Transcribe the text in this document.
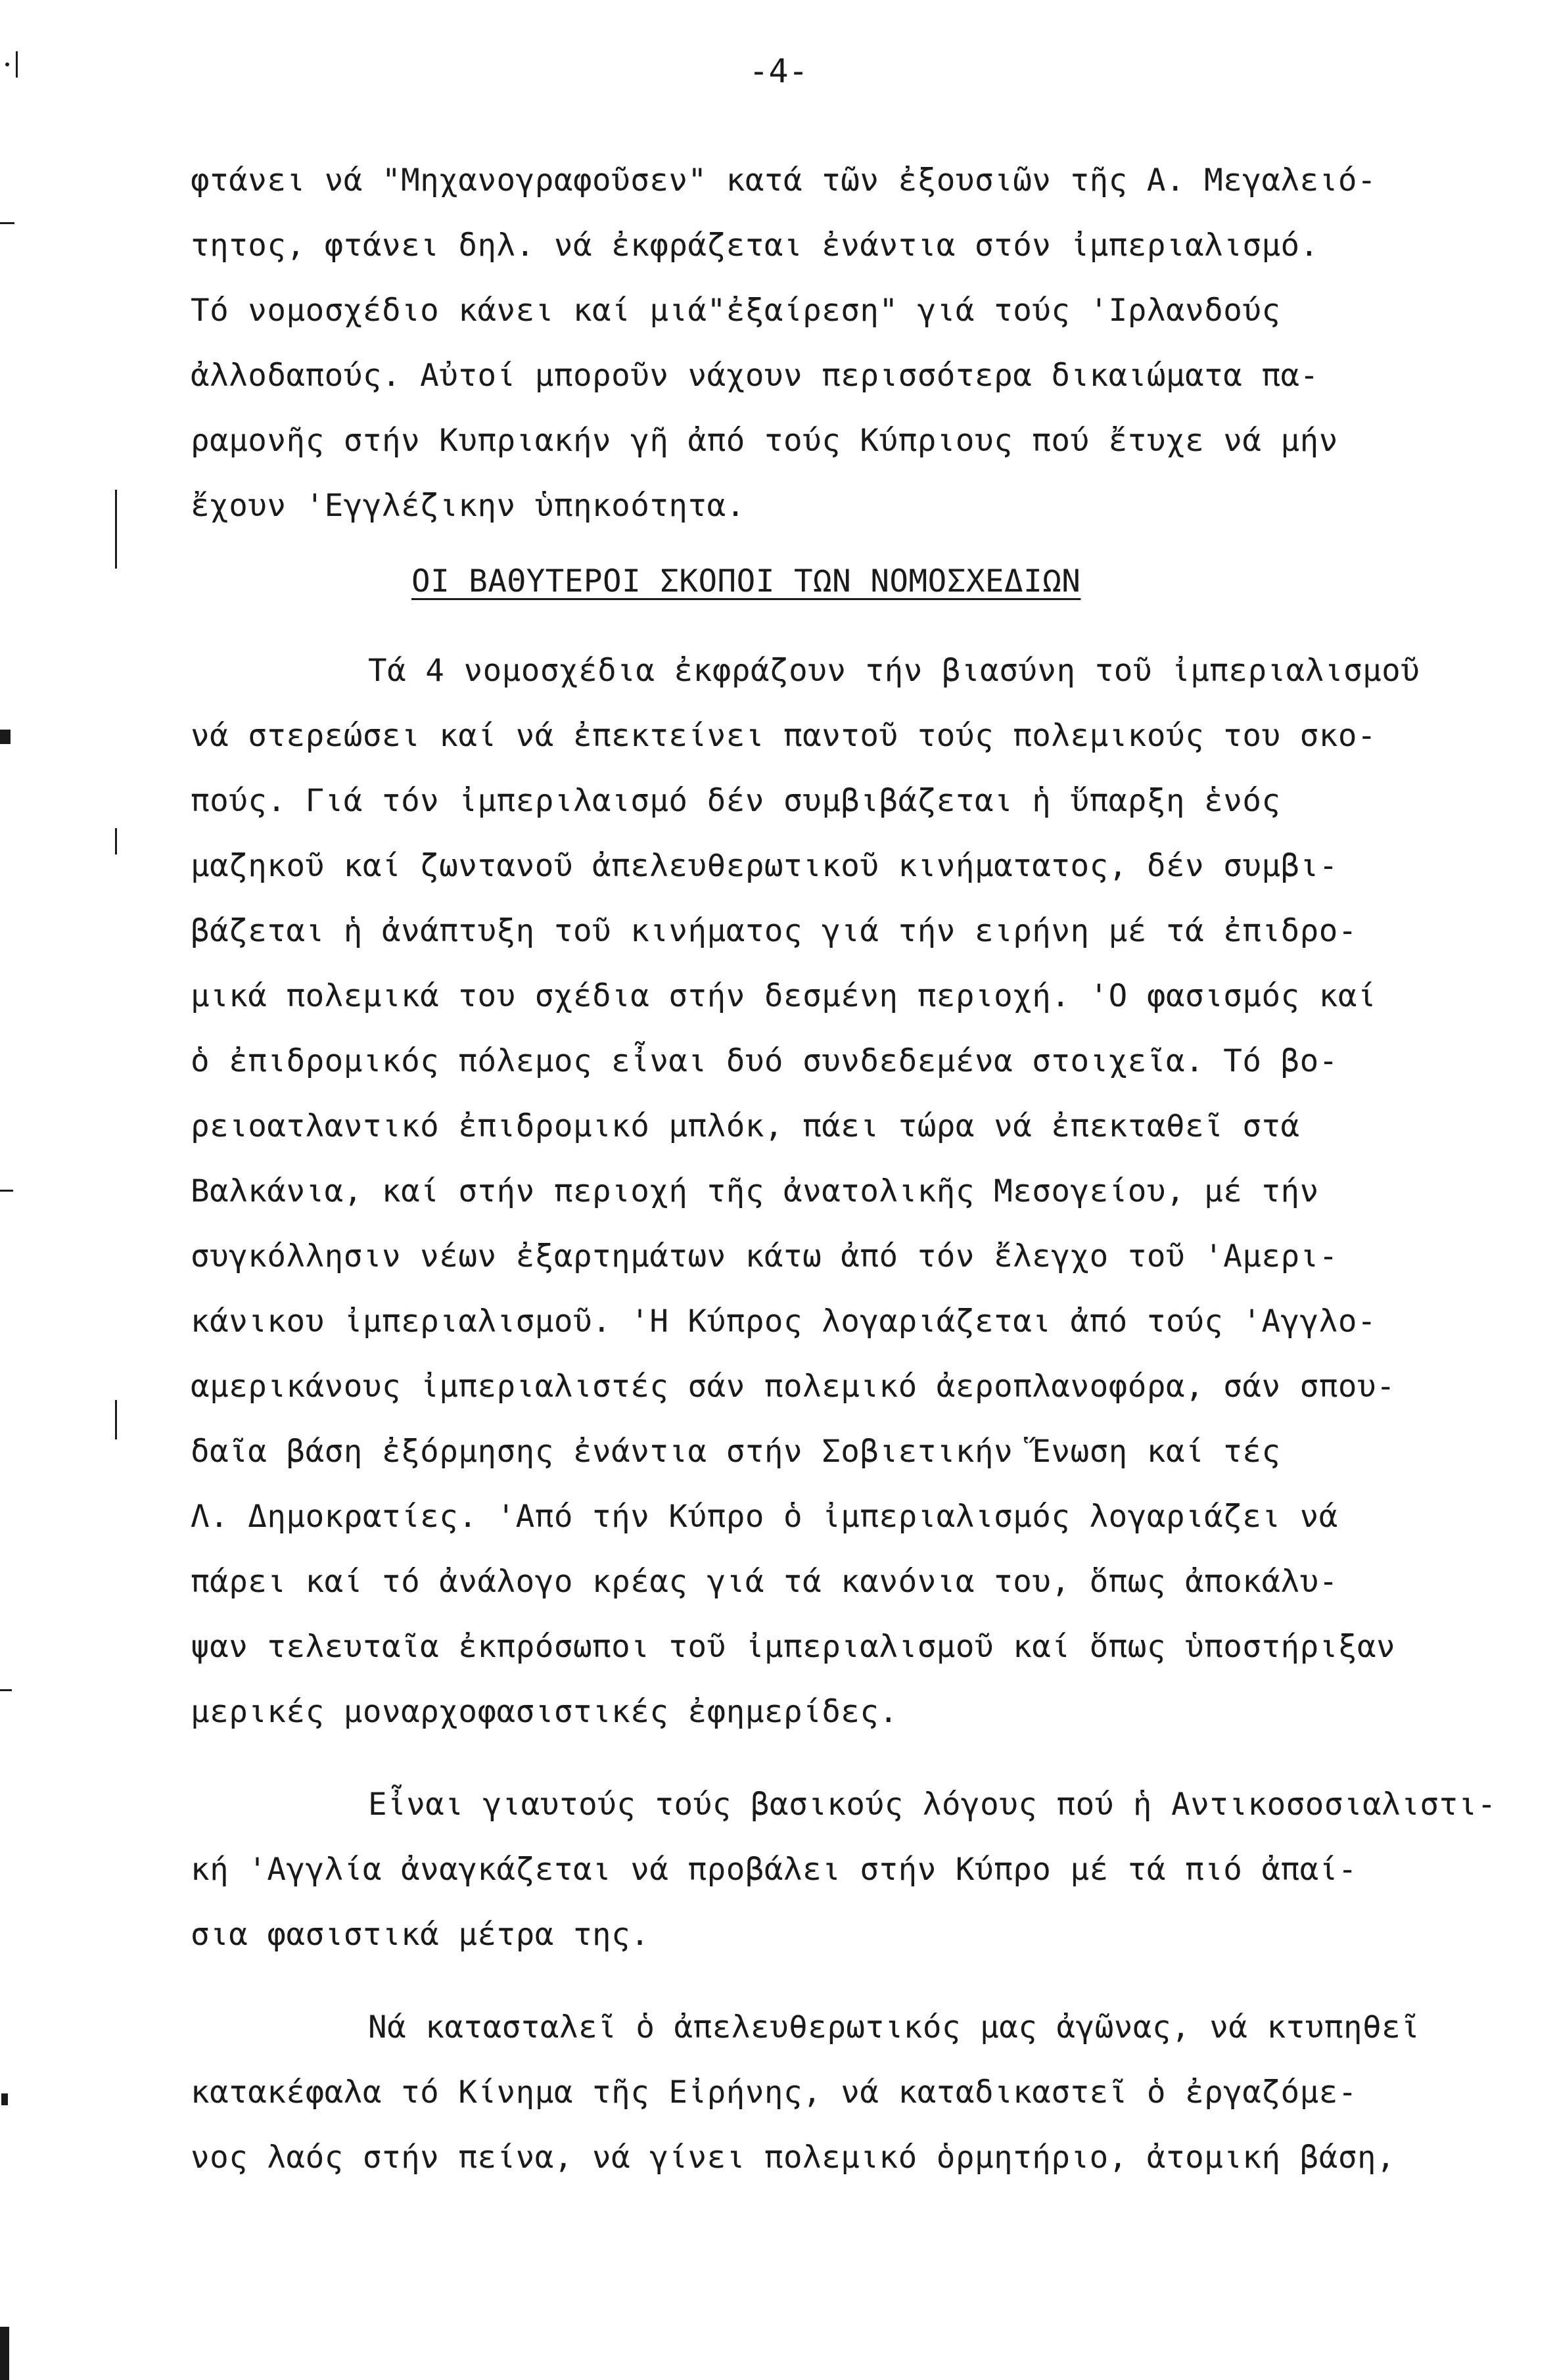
-4-
φτάνει νά "Μηχανογραφοῦσεν" κατά τῶν ἐξουσιῶν τῆς Α. Μεγαλειό-
τητος, φτάνει δηλ. νά ἐκφράζεται ἐνάντια στόν ἰμπεριαλισμό.
Τό νομοσχέδιο κάνει καί μιά"ἐξαίρεση" γιά τούς 'Ιρλανδούς
ἀλλοδαπούς. Αὐτοί μποροῦν νάχουν περισσότερα δικαιώματα πα-
ραμονῆς στήν Κυπριακήν γῆ ἀπό τούς Κύπριους πού ἔτυχε νά μήν
ἔχουν 'Εγγλέζικην ὑπηκοότητα.
ΟΙ ΒΑΘΥΤΕΡΟΙ ΣΚΟΠΟΙ ΤΩΝ ΝΟΜΟΣΧΕΔΙΩΝ
Τά 4 νομοσχέδια ἐκφράζουν τήν βιασύνη τοῦ ἰμπεριαλισμοῦ
νά στερεώσει καί νά ἐπεκτείνει παντοῦ τούς πολεμικούς του σκο-
πούς. Γιά τόν ἰμπεριλαισμό δέν συμβιβάζεται ἡ ὕπαρξη ἑνός
μαζηκοῦ καί ζωντανοῦ ἀπελευθερωτικοῦ κινήματατος, δέν συμβι-
βάζεται ἡ ἀνάπτυξη τοῦ κινήματος γιά τήν ειρήνη μέ τά ἐπιδρο-
μικά πολεμικά του σχέδια στήν δεσμένη περιοχή. 'Ο φασισμός καί
ὁ ἐπιδρομικός πόλεμος εἶναι δυό συνδεδεμένα στοιχεῖα. Τό βο-
ρειοατλαντικό ἐπιδρομικό μπλόκ, πάει τώρα νά ἐπεκταθεῖ στά
Βαλκάνια, καί στήν περιοχή τῆς ἀνατολικῆς Μεσογείου, μέ τήν
συγκόλλησιν νέων ἐξαρτημάτων κάτω ἀπό τόν ἔλεγχο τοῦ 'Αμερι-
κάνικου ἰμπεριαλισμοῦ. 'Η Κύπρος λογαριάζεται ἀπό τούς 'Αγγλο-
αμερικάνους ἰμπεριαλιστές σάν πολεμικό ἀεροπλανοφόρα, σάν σπου-
δαῖα βάση ἐξόρμησης ἐνάντια στήν Σοβιετικήν Ἕνωση καί τές
Λ. Δημοκρατίες. 'Από τήν Κύπρο ὁ ἰμπεριαλισμός λογαριάζει νά
πάρει καί τό ἀνάλογο κρέας γιά τά κανόνια του, ὅπως ἀποκάλυ-
ψαν τελευταῖα ἐκπρόσωποι τοῦ ἰμπεριαλισμοῦ καί ὅπως ὑποστήριξαν
μερικές μοναρχοφασιστικές ἐφημερίδες.
Εἶναι γιαυτούς τούς βασικούς λόγους πού ἡ Αντικοσοσιαλιστι-
κή 'Αγγλία ἀναγκάζεται νά προβάλει στήν Κύπρο μέ τά πιό ἀπαί-
σια φασιστικά μέτρα της.
Νά κατασταλεῖ ὁ ἀπελευθερωτικός μας ἀγῶνας, νά κτυπηθεῖ
κατακέφαλα τό Κίνημα τῆς Εἰρήνης, νά καταδικαστεῖ ὁ ἐργαζόμε-
νος λαός στήν πείνα, νά γίνει πολεμικό ὁρμητήριο, ἀτομική βάση,
